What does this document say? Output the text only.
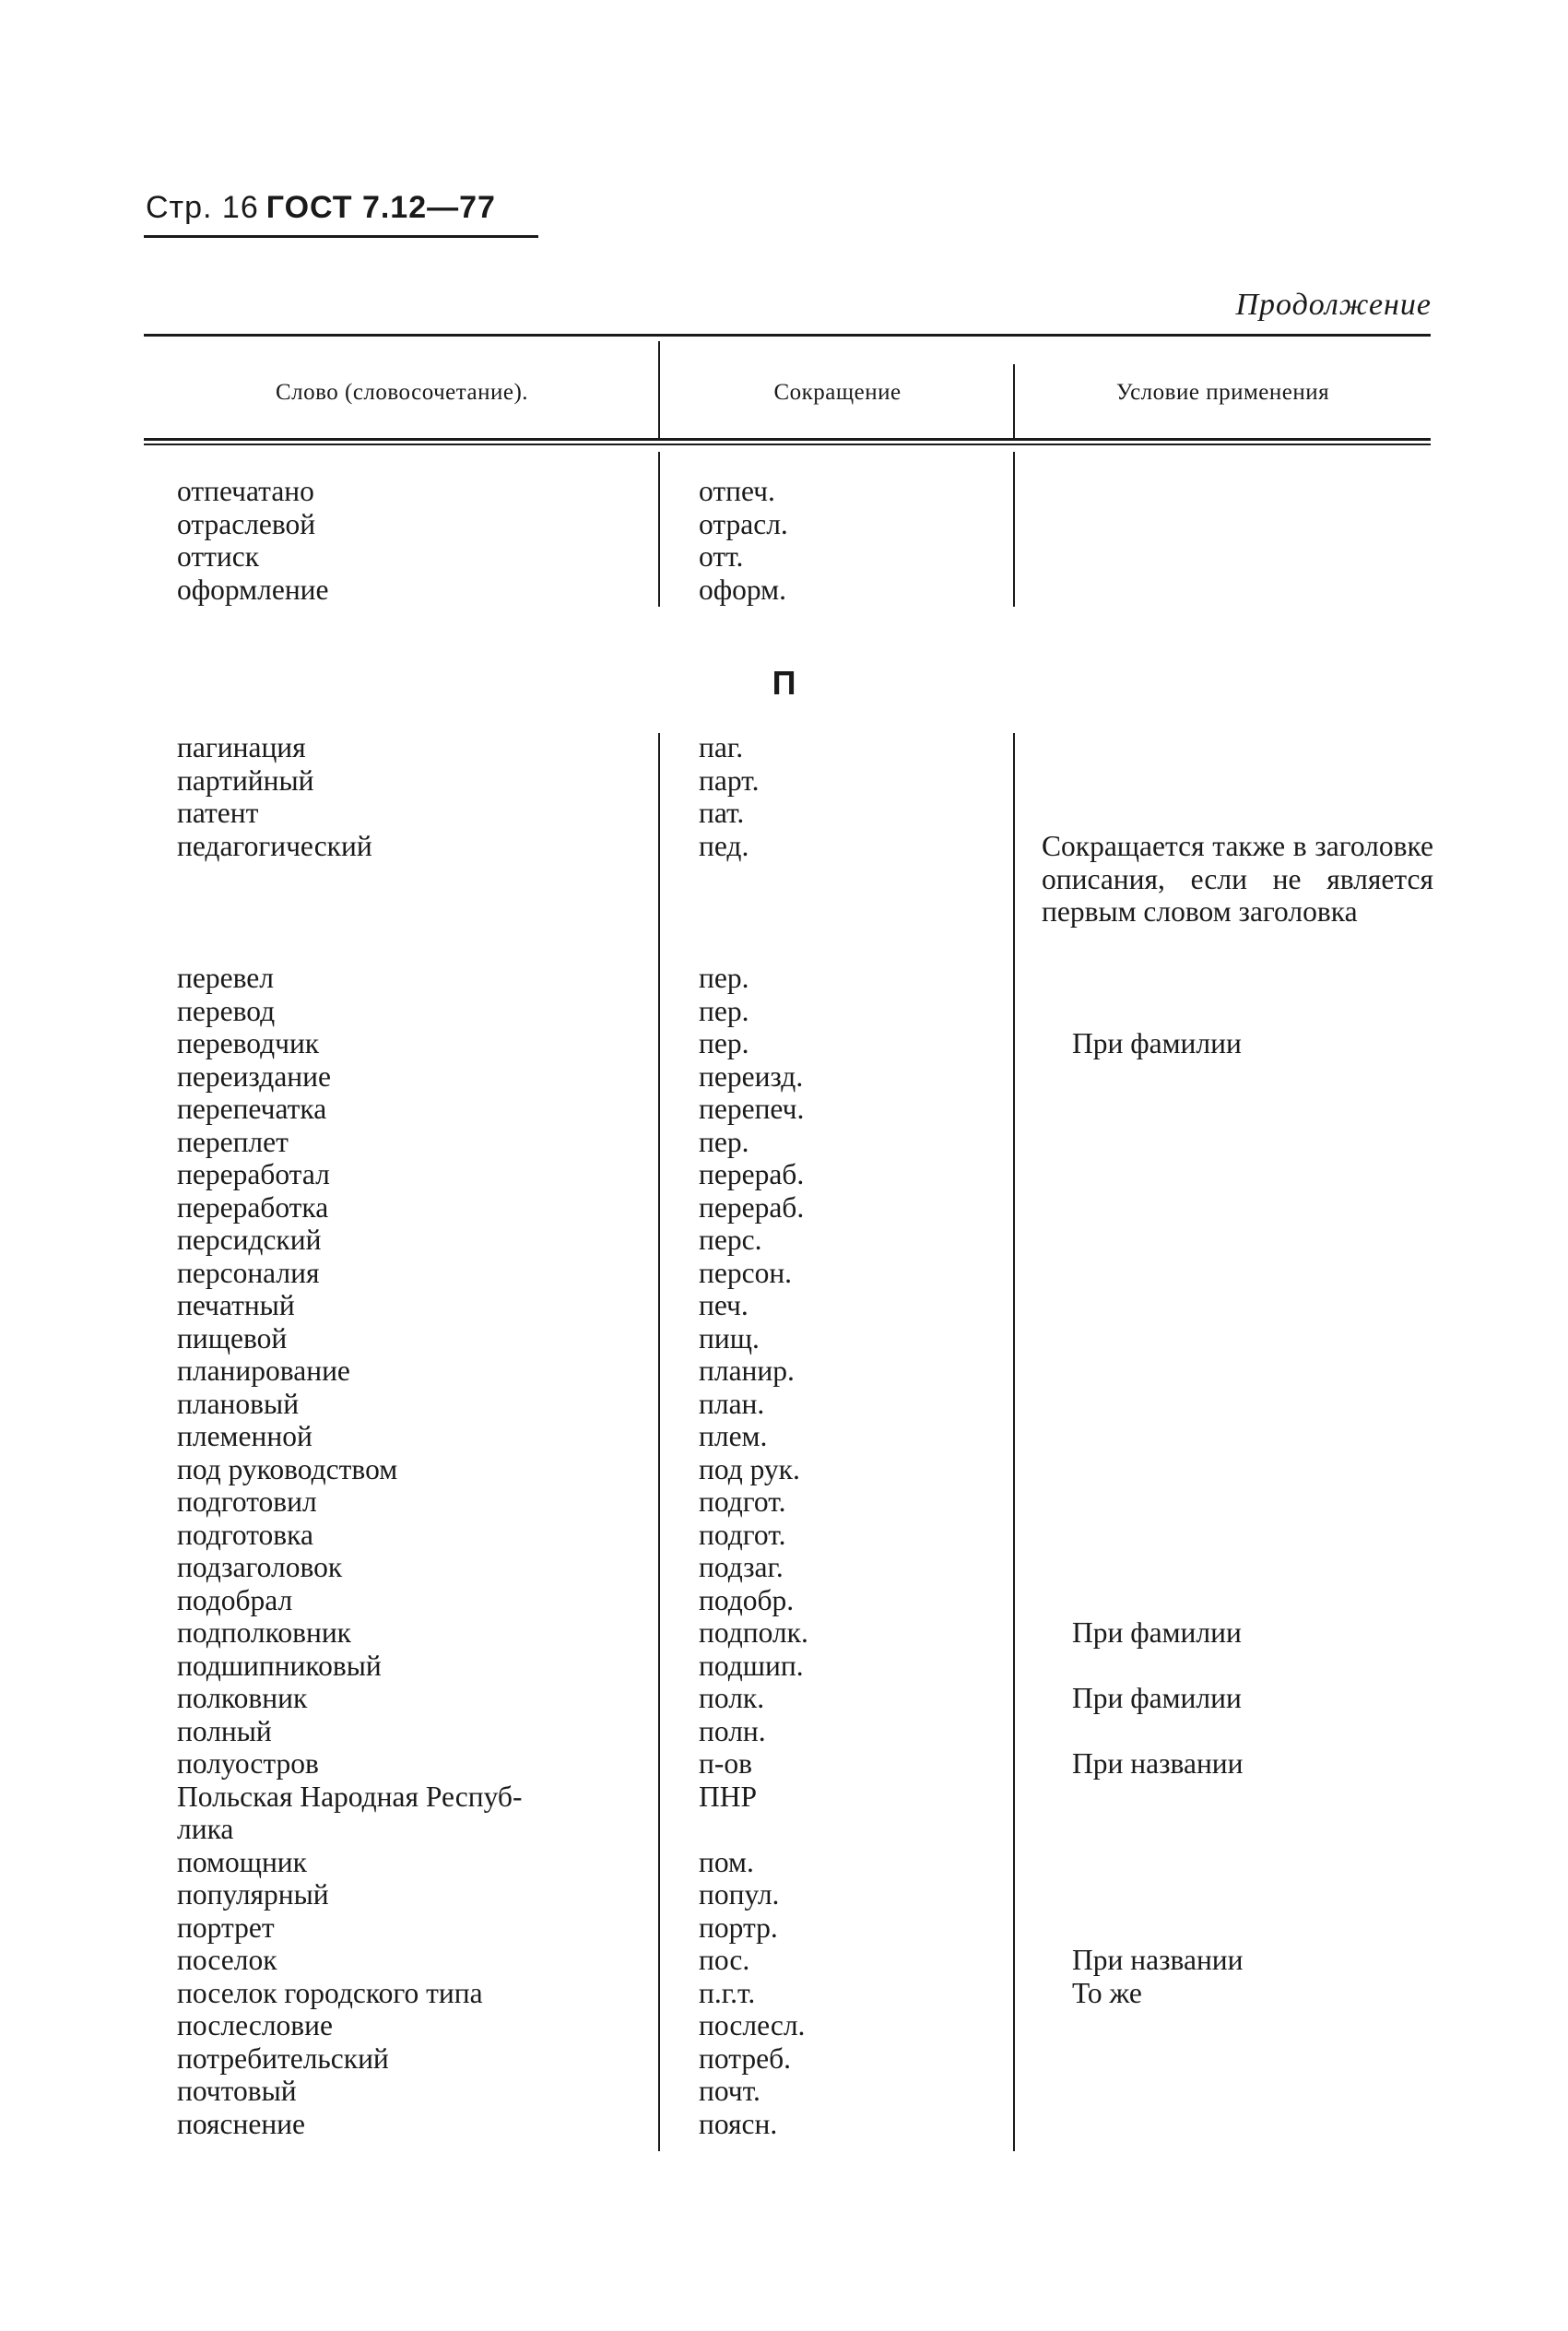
Стр. 16 ГОСТ 7.12—77
Продолжение
Слово (словосочетание).	Сокращение	Условие применения
отпечатано	отпеч.
отраслевой	отрасл.
оттиск	отт.
оформление	оформ.
П
пагинация	паг.
партийный	парт.
патент	пат.
педагогический	пед.	Сокращается также в заголовке описания, если не является первым словом заголовка
перевел	пер.
перевод	пер.
переводчик	пер.	При фамилии
переиздание	переизд.
перепечатка	перепеч.
переплет	пер.
переработал	перераб.
переработка	перераб.
персидский	перс.
персоналия	персон.
печатный	печ.
пищевой	пищ.
планирование	планир.
плановый	план.
племенной	плем.
под руководством	под рук.
подготовил	подгот.
подготовка	подгот.
подзаголовок	подзаг.
подобрал	подобр.
подполковник	подполк.	При фамилии
подшипниковый	подшип.
полковник	полк.	При фамилии
полный	полн.
полуостров	п-ов	При названии
Польская Народная Респуб-	ПНР
лика
помощник	пом.
популярный	попул.
портрет	портр.
поселок	пос.	При названии
поселок городского типа	п.г.т.	То же
послесловие	послесл.
потребительский	потреб.
почтовый	почт.
пояснение	поясн.
